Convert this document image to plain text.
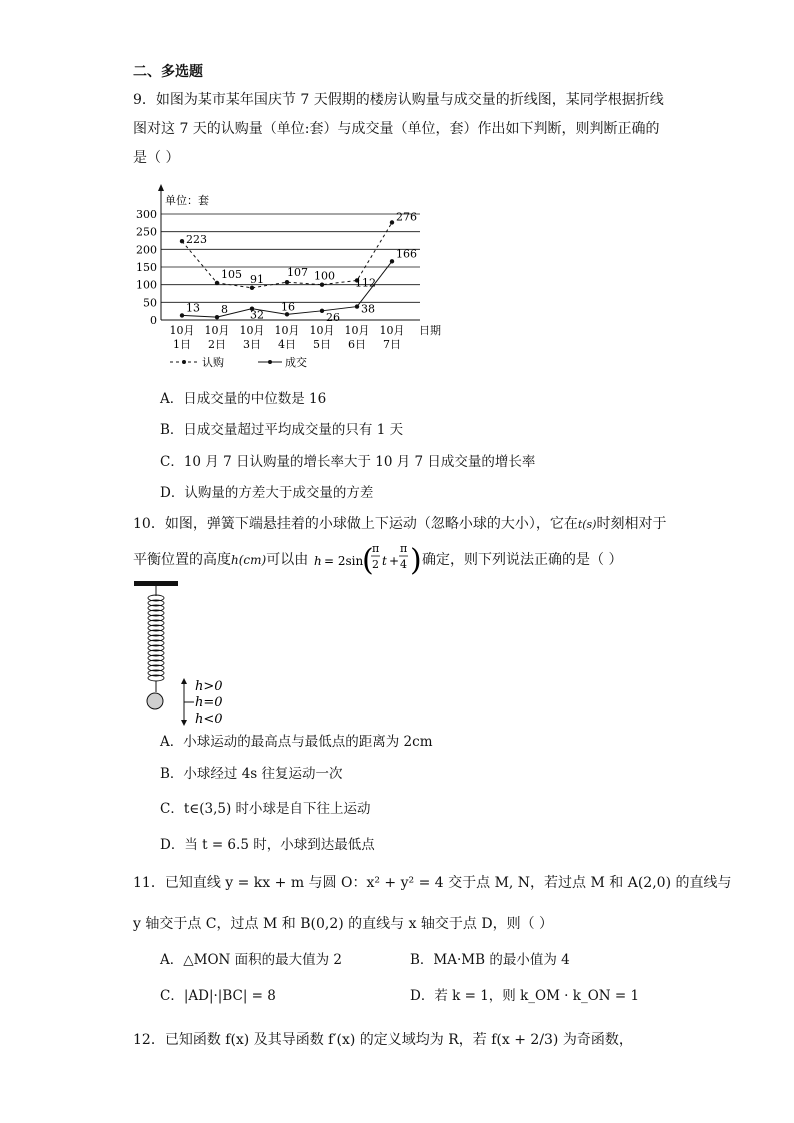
二、多选题
9．如图为某市某年国庆节 7 天假期的楼房认购量与成交量的折线图，某同学根据折线
图对这 7 天的认购量（单位:套）与成交量（单位，套）作出如下判断，则判断正确的
是（ ）
单位：套
0
50
100
150
200
250
300
10月
1日
10月
2日
10月
3日
10月
4日
10月
5日
10月
6日
10月
7日
日期
223
105 91
107 100
112
276
13 8 32
16
26
38
166
认购	成交
A．日成交量的中位数是 16
B．日成交量超过平均成交量的只有 1 天
C．10 月 7 日认购量的增长率大于 10 月 7 日成交量的增长率
D．认购量的方差大于成交量的方差
10．如图，弹簧下端悬挂着的小球做上下运动（忽略小球的大小），它在t(s)时刻相对于
平衡位置的高度h(cm)可以由 h = 2sin
(
π
2 t +
π
4 ) 确定，则下列说法正确的是（ ）
h>0
h=0
h<0
A．小球运动的最高点与最低点的距离为 2cm
B．小球经过 4s 往复运动一次
C．t∈(3,5) 时小球是自下往上运动
D．当 t = 6.5 时，小球到达最低点
11．已知直线 y = kx + m 与圆 O：x² + y² = 4 交于点 M, N，若过点 M 和 A(2,0) 的直线与
y 轴交于点 C，过点 M 和 B(0,2) 的直线与 x 轴交于点 D，则（ ）
A．△MON 面积的最大值为 2	B．MA·MB 的最小值为 4
C．|AD|·|BC| = 8	D．若 k = 1，则 k_OM · k_ON = 1
12．已知函数 f(x) 及其导函数 f′(x) 的定义域均为 R，若 f(x + 2/3) 为奇函数，
